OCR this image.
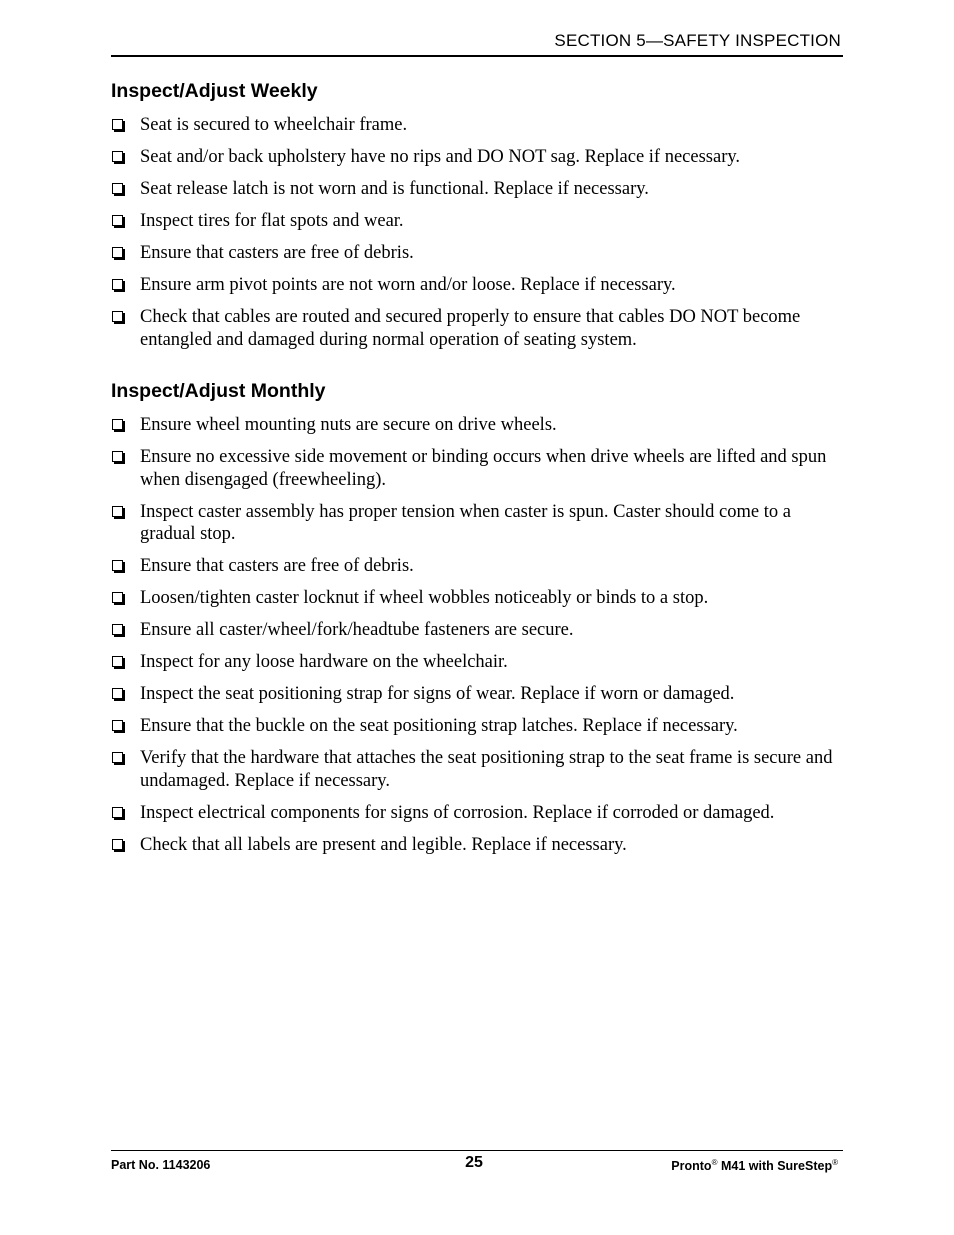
SECTION 5—SAFETY INSPECTION
Inspect/Adjust Weekly
Seat is secured to wheelchair frame.
Seat and/or back upholstery have no rips and DO NOT sag. Replace if necessary.
Seat release latch is not worn and is functional. Replace if necessary.
Inspect tires for flat spots and wear.
Ensure that casters are free of debris.
Ensure arm pivot points are not worn and/or loose. Replace if necessary.
Check that cables are routed and secured properly to ensure that cables DO NOT become entangled and damaged during normal operation of seating system.
Inspect/Adjust Monthly
Ensure wheel mounting nuts are secure on drive wheels.
Ensure no excessive side movement or binding occurs when drive wheels are lifted and spun when disengaged (freewheeling).
Inspect caster assembly has proper tension when caster is spun. Caster should come to a gradual stop.
Ensure that casters are free of debris.
Loosen/tighten caster locknut if wheel wobbles noticeably or binds to a stop.
Ensure all caster/wheel/fork/headtube fasteners are secure.
Inspect for any loose hardware on the wheelchair.
Inspect the seat positioning strap for signs of wear. Replace if worn or damaged.
Ensure that the buckle on the seat positioning strap latches. Replace if necessary.
Verify that the hardware that attaches the seat positioning strap to the seat frame is secure and undamaged. Replace if necessary.
Inspect electrical components for signs of corrosion. Replace if corroded or damaged.
Check that all labels are present and legible. Replace if necessary.
Part No. 1143206	25	Pronto® M41 with SureStep®
